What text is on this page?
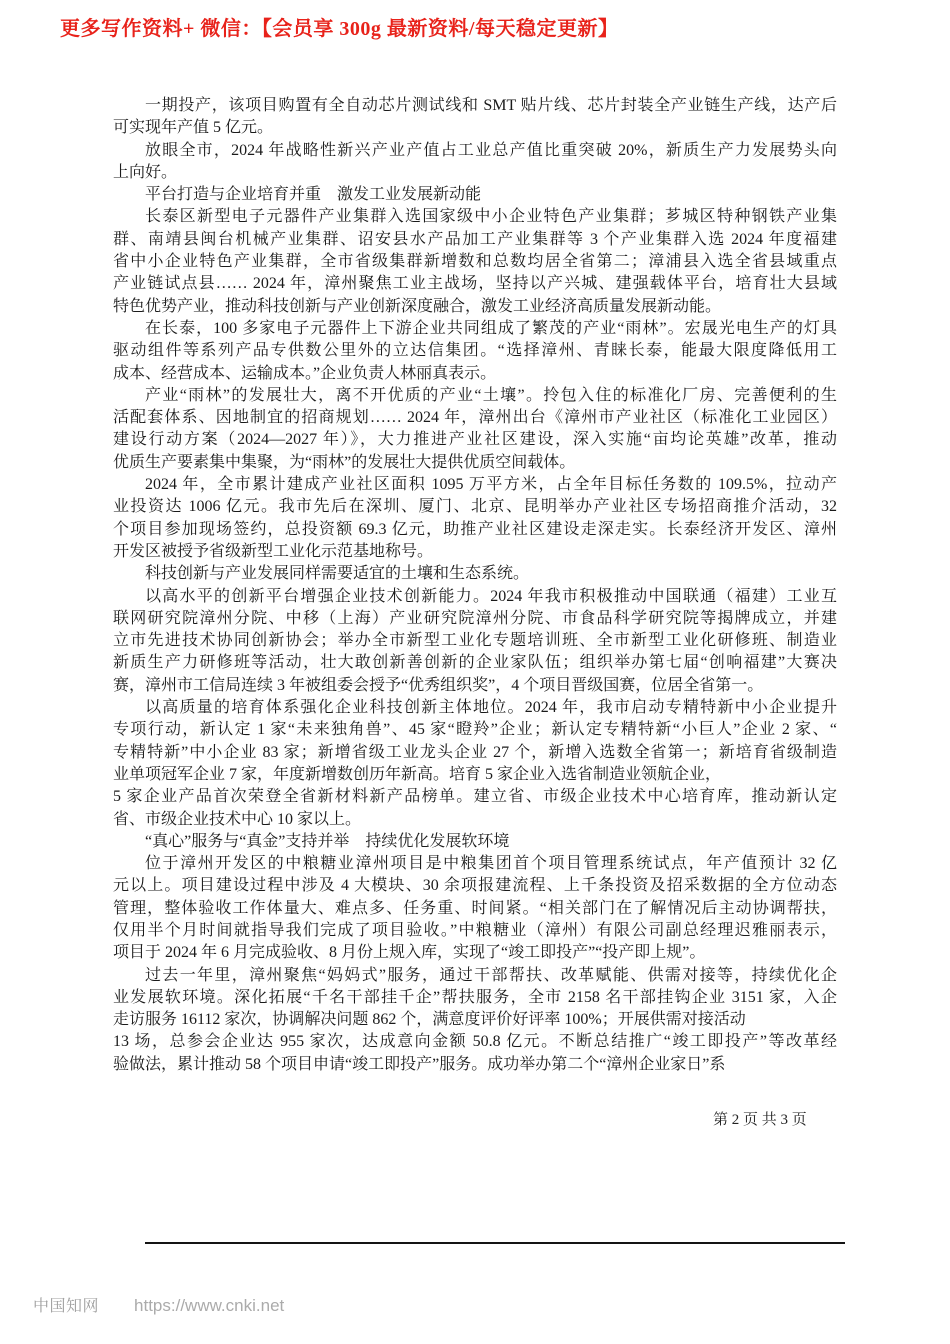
更多写作资料+ 微信：【会员享 300g 最新资料/每天稳定更新】
一期投产，该项目购置有全自动芯片测试线和 SMT 贴片线、芯片封装全产业链生产线，达产后
可实现年产值 5 亿元。
放眼全市，2024 年战略性新兴产业产值占工业总产值比重突破 20%，新质生产力发展势头向
上向好。
平台打造与企业培育并重　激发工业发展新动能
长泰区新型电子元器件产业集群入选国家级中小企业特色产业集群；芗城区特种钢铁产业集
群、南靖县闽台机械产业集群、诏安县水产品加工产业集群等 3 个产业集群入选 2024 年度福建
省中小企业特色产业集群，全市省级集群新增数和总数均居全省第二；漳浦县入选全省县域重点
产业链试点县…… 2024 年，漳州聚焦工业主战场，坚持以产兴城、建强载体平台，培育壮大县域
特色优势产业，推动科技创新与产业创新深度融合，激发工业经济高质量发展新动能。
在长泰，100 多家电子元器件上下游企业共同组成了繁茂的产业“雨林”。宏晟光电生产的灯具
驱动组件等系列产品专供数公里外的立达信集团。“选择漳州、青睐长泰，能最大限度降低用工
成本、经营成本、运输成本。”企业负责人林丽真表示。
产业“雨林”的发展壮大，离不开优质的产业“土壤”。拎包入住的标准化厂房、完善便利的生
活配套体系、因地制宜的招商规划…… 2024 年，漳州出台《漳州市产业社区（标准化工业园区）
建设行动方案（2024—2027 年）》，大力推进产业社区建设，深入实施“亩均论英雄”改革，推动
优质生产要素集中集聚，为“雨林”的发展壮大提供优质空间载体。
2024 年，全市累计建成产业社区面积 1095 万平方米，占全年目标任务数的 109.5%，拉动产
业投资达 1006 亿元。我市先后在深圳、厦门、北京、昆明举办产业社区专场招商推介活动，32
个项目参加现场签约，总投资额 69.3 亿元，助推产业社区建设走深走实。长泰经济开发区、漳州
开发区被授予省级新型工业化示范基地称号。
科技创新与产业发展同样需要适宜的土壤和生态系统。
以高水平的创新平台增强企业技术创新能力。2024 年我市积极推动中国联通（福建）工业互
联网研究院漳州分院、中移（上海）产业研究院漳州分院、市食品科学研究院等揭牌成立，并建
立市先进技术协同创新协会；举办全市新型工业化专题培训班、全市新型工业化研修班、制造业
新质生产力研修班等活动，壮大敢创新善创新的企业家队伍；组织举办第七届“创响福建”大赛决
赛，漳州市工信局连续 3 年被组委会授予“优秀组织奖”，4 个项目晋级国赛，位居全省第一。
以高质量的培育体系强化企业科技创新主体地位。2024 年，我市启动专精特新中小企业提升
专项行动，新认定 1 家“未来独角兽”、45 家“瞪羚”企业；新认定专精特新“小巨人”企业 2 家、“
专精特新”中小企业 83 家；新增省级工业龙头企业 27 个，新增入选数全省第一；新培育省级制造
业单项冠军企业 7 家，年度新增数创历年新高。培育 5 家企业入选省制造业领航企业，
5 家企业产品首次荣登全省新材料新产品榜单。建立省、市级企业技术中心培育库，推动新认定
省、市级企业技术中心 10 家以上。
“真心”服务与“真金”支持并举　持续优化发展软环境
位于漳州开发区的中粮糖业漳州项目是中粮集团首个项目管理系统试点，年产值预计 32 亿
元以上。项目建设过程中涉及 4 大模块、30 余项报建流程、上千条投资及招采数据的全方位动态
管理，整体验收工作体量大、难点多、任务重、时间紧。“相关部门在了解情况后主动协调帮扶，
仅用半个月时间就指导我们完成了项目验收。”中粮糖业（漳州）有限公司副总经理迟雅丽表示，
项目于 2024 年 6 月完成验收、8 月份上规入库，实现了“竣工即投产”“投产即上规”。
过去一年里，漳州聚焦“妈妈式”服务，通过干部帮扶、改革赋能、供需对接等，持续优化企
业发展软环境。深化拓展“千名干部挂千企”帮扶服务，全市 2158 名干部挂钩企业 3151 家，入企
走访服务 16112 家次，协调解决问题 862 个，满意度评价好评率 100%；开展供需对接活动
13 场，总参会企业达 955 家次，达成意向金额 50.8 亿元。不断总结推广“竣工即投产”等改革经
验做法，累计推动 58 个项目申请“竣工即投产”服务。成功举办第二个“漳州企业家日”系
第 2 页 共 3 页
中国知网 https://www.cnki.net
